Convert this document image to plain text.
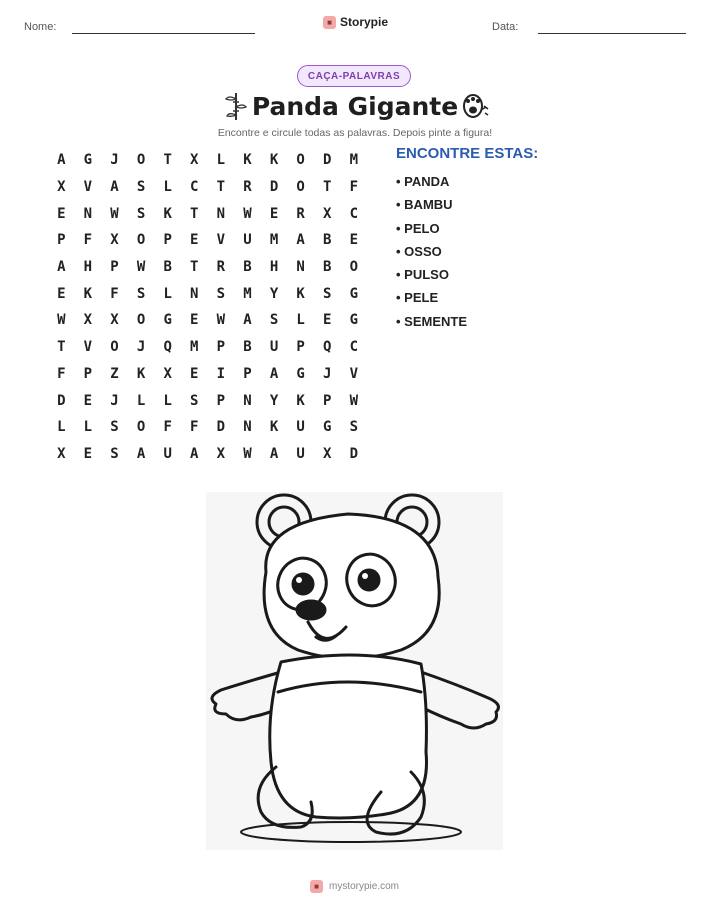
Nome:	■ Storypie	Data:
CAÇA-PALAVRAS
Panda Gigante
Encontre e circule todas as palavras. Depois pinte a figura!
A	G	J	O	T	X	L	K	K	O	D	M
X	V	A	S	L	C	T	R	D	O	T	F
E	N	W	S	K	T	N	W	E	R	X	C
P	F	X	O	P	E	V	U	M	A	B	E
A	H	P	W	B	T	R	B	H	N	B	O
E	K	F	S	L	N	S	M	Y	K	S	G
W	X	X	O	G	E	W	A	S	L	E	G
T	V	O	J	Q	M	P	B	U	P	Q	C
F	P	Z	K	X	E	I	P	A	G	J	V
D	E	J	L	L	S	P	N	Y	K	P	W
L	L	S	O	F	F	D	N	K	U	G	S
X	E	S	A	U	A	X	W	A	U	X	D
ENCONTRE ESTAS:
• PANDA
• BAMBU
• PELO
• OSSO
• PULSO
• PELE
• SEMENTE
■	mystorypie.com
